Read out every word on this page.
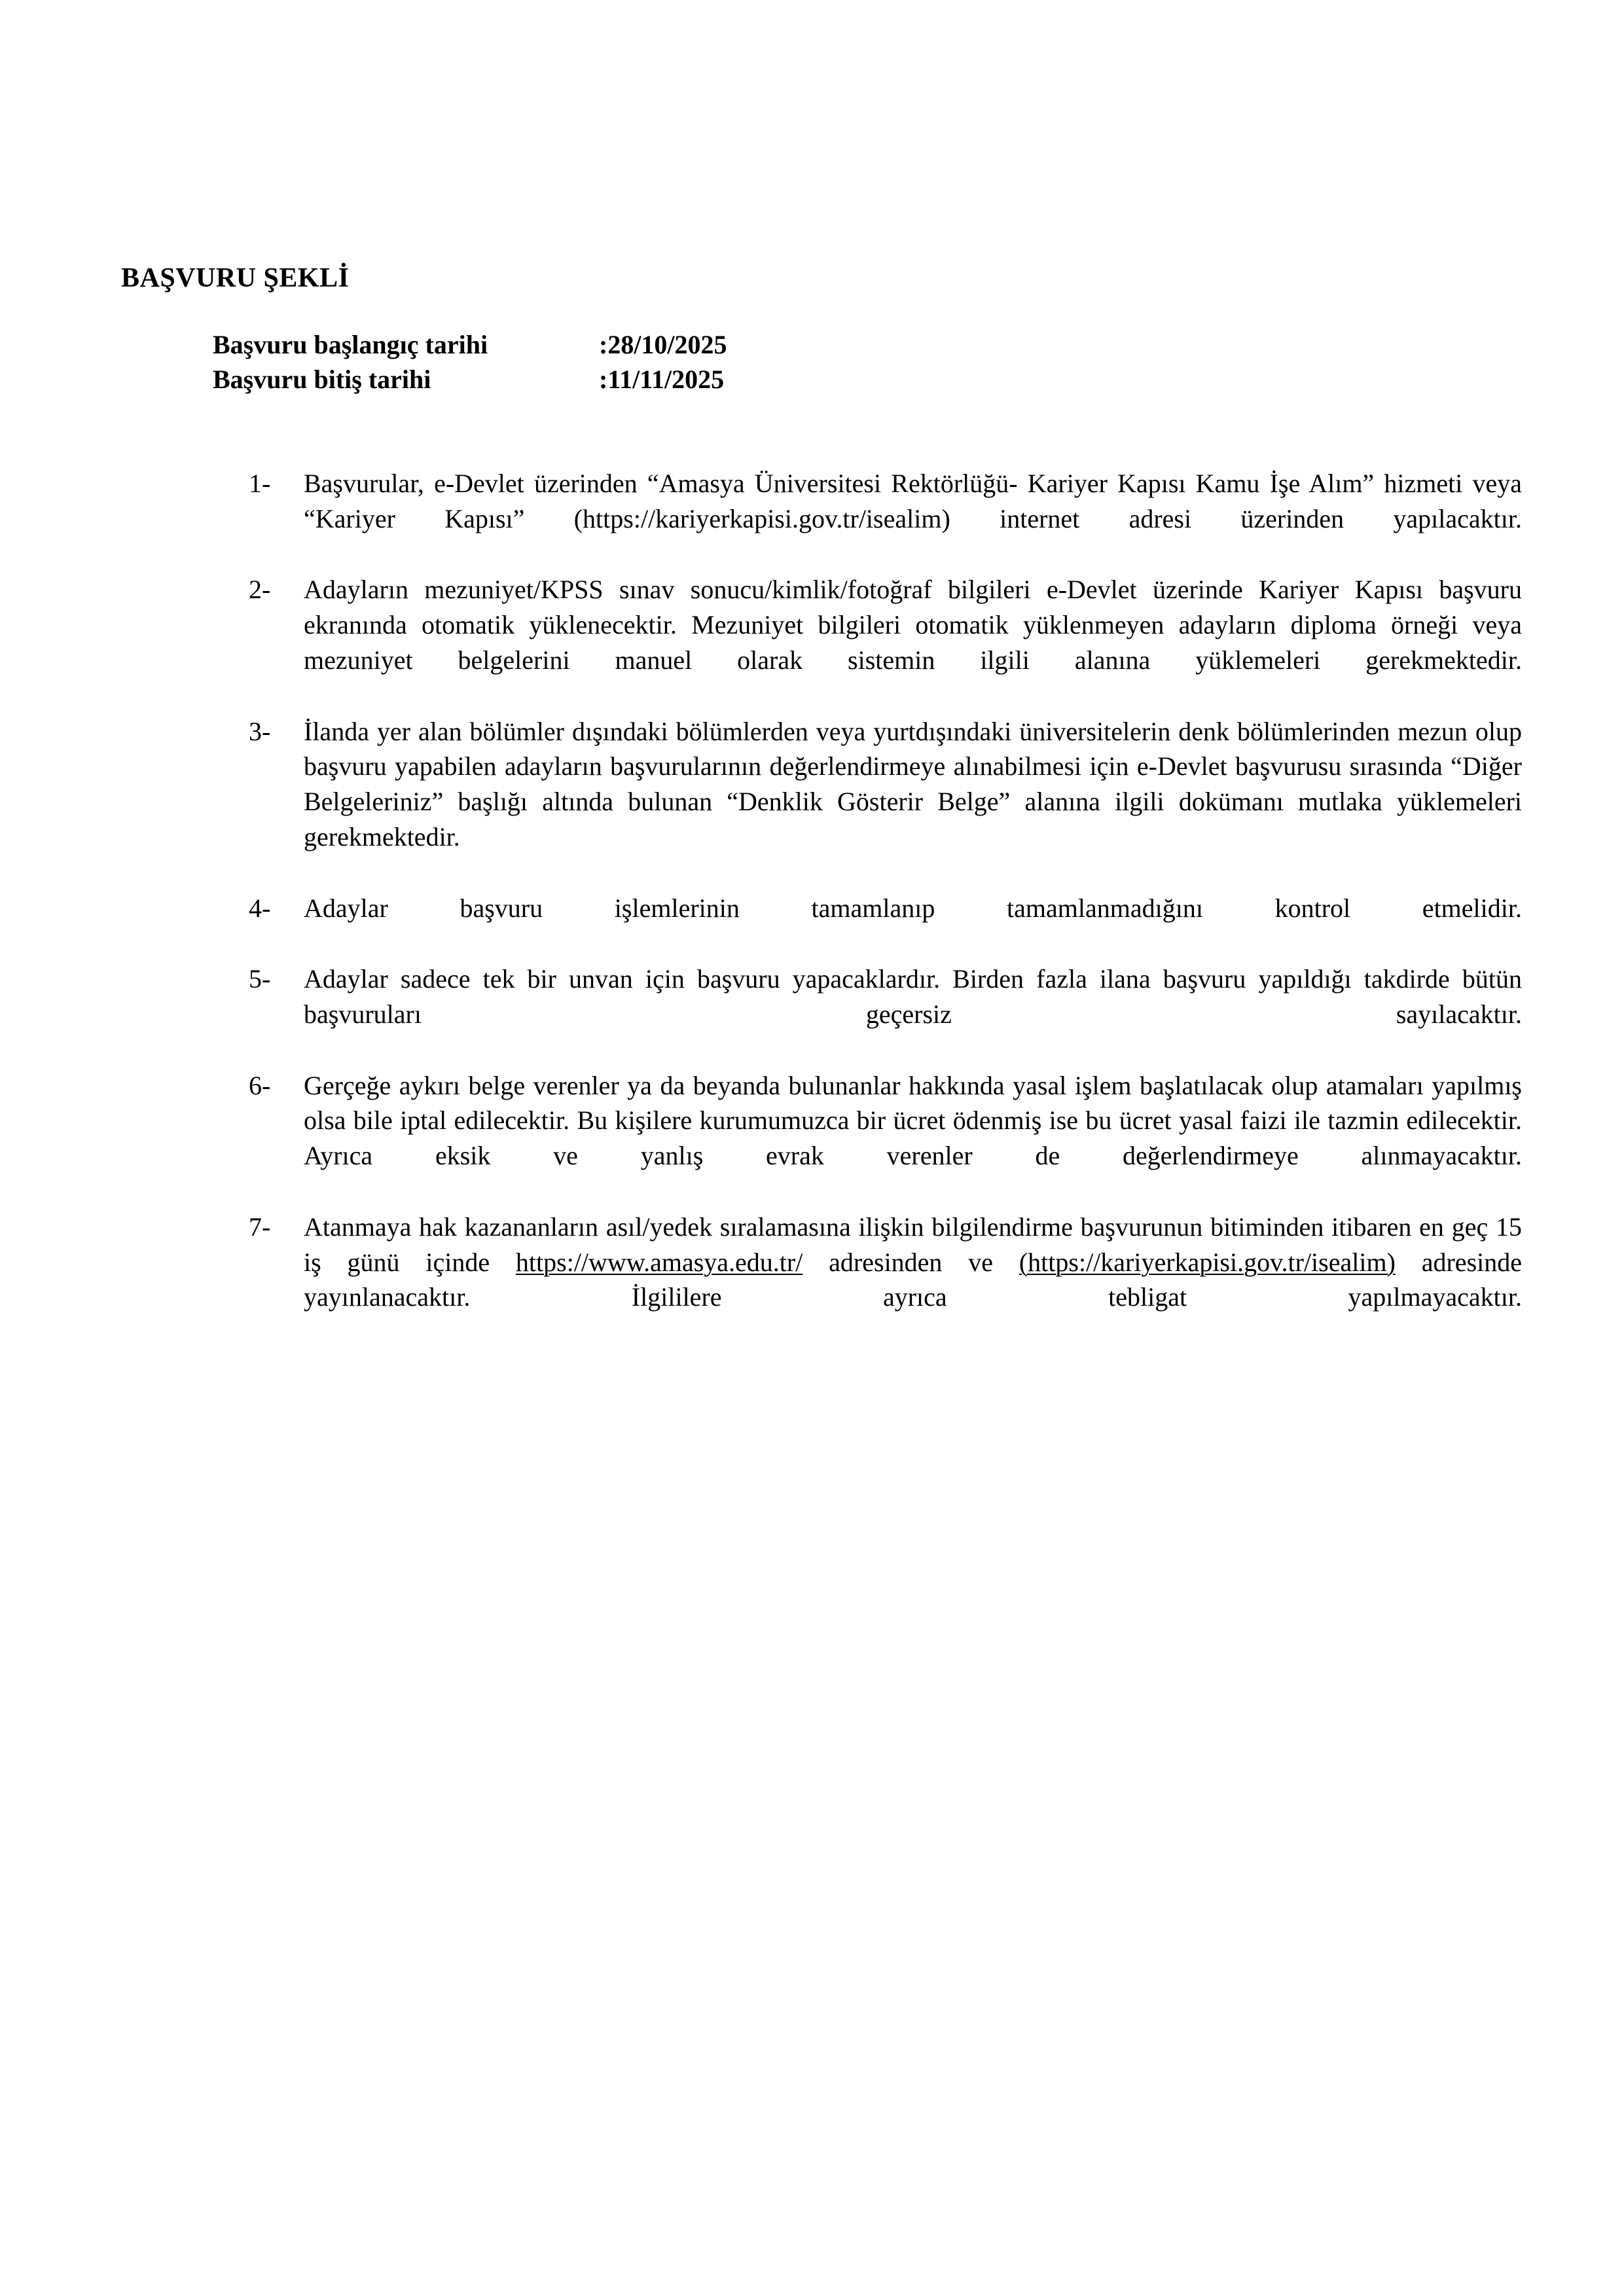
BAŞVURU ŞEKLİ
Başvuru başlangıç tarihi	:28/10/2025
Başvuru bitiş tarihi	:11/11/2025
1-	Başvurular, e-Devlet üzerinden “Amasya Üniversitesi Rektörlüğü- Kariyer Kapısı Kamu İşe Alım” hizmeti veya “Kariyer Kapısı” (https://kariyerkapisi.gov.tr/isealim) internet adresi üzerinden yapılacaktır.
2-	Adayların mezuniyet/KPSS sınav sonucu/kimlik/fotoğraf bilgileri e-Devlet üzerinde Kariyer Kapısı başvuru ekranında otomatik yüklenecektir. Mezuniyet bilgileri otomatik yüklenmeyen adayların diploma örneği veya mezuniyet belgelerini manuel olarak sistemin ilgili alanına yüklemeleri gerekmektedir.
3-	İlanda yer alan bölümler dışındaki bölümlerden veya yurtdışındaki üniversitelerin denk bölümlerinden mezun olup başvuru yapabilen adayların başvurularının değerlendirmeye alınabilmesi için e-Devlet başvurusu sırasında “Diğer Belgeleriniz” başlığı altında bulunan “Denklik Gösterir Belge” alanına ilgili dokümanı mutlaka yüklemeleri gerekmektedir.
4-	Adaylar başvuru işlemlerinin tamamlanıp tamamlanmadığını kontrol etmelidir.
5-	Adaylar sadece tek bir unvan için başvuru yapacaklardır. Birden fazla ilana başvuru yapıldığı takdirde bütün başvuruları geçersiz sayılacaktır.
6-	Gerçeğe aykırı belge verenler ya da beyanda bulunanlar hakkında yasal işlem başlatılacak olup atamaları yapılmış olsa bile iptal edilecektir. Bu kişilere kurumumuzca bir ücret ödenmiş ise bu ücret yasal faizi ile tazmin edilecektir. Ayrıca eksik ve yanlış evrak verenler de değerlendirmeye alınmayacaktır.
7-	Atanmaya hak kazananların asıl/yedek sıralamasına ilişkin bilgilendirme başvurunun bitiminden itibaren en geç 15 iş günü içinde https://www.amasya.edu.tr/ adresinden ve (https://kariyerkapisi.gov.tr/isealim) adresinde yayınlanacaktır. İlgililere ayrıca tebligat yapılmayacaktır.
